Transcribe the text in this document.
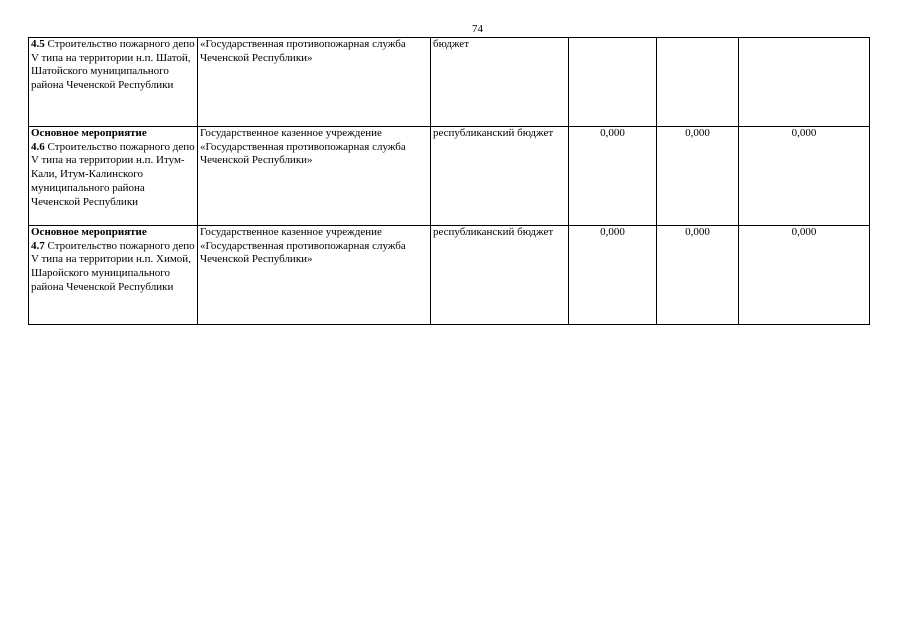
74
4.5 Строительство пожарного депо V типа на территории н.п. Шатой, Шатойского муниципального района Чеченской Республики	«Государственная противопожарная служба Чеченской Республики»	бюджет			
Основное мероприятие
4.6 Строительство пожарного депо V типа на территории н.п. Итум-Кали, Итум-Калинского муниципального района Чеченской Республики	Государственное казенное учреждение «Государственная противопожарная служба Чеченской Республики»	республиканский бюджет	0,000	0,000	0,000
Основное мероприятие
4.7 Строительство пожарного депо V типа на территории н.п. Химой, Шаройского муниципального района Чеченской Республики	Государственное казенное учреждение «Государственная противопожарная служба Чеченской Республики»	республиканский бюджет	0,000	0,000	0,000
